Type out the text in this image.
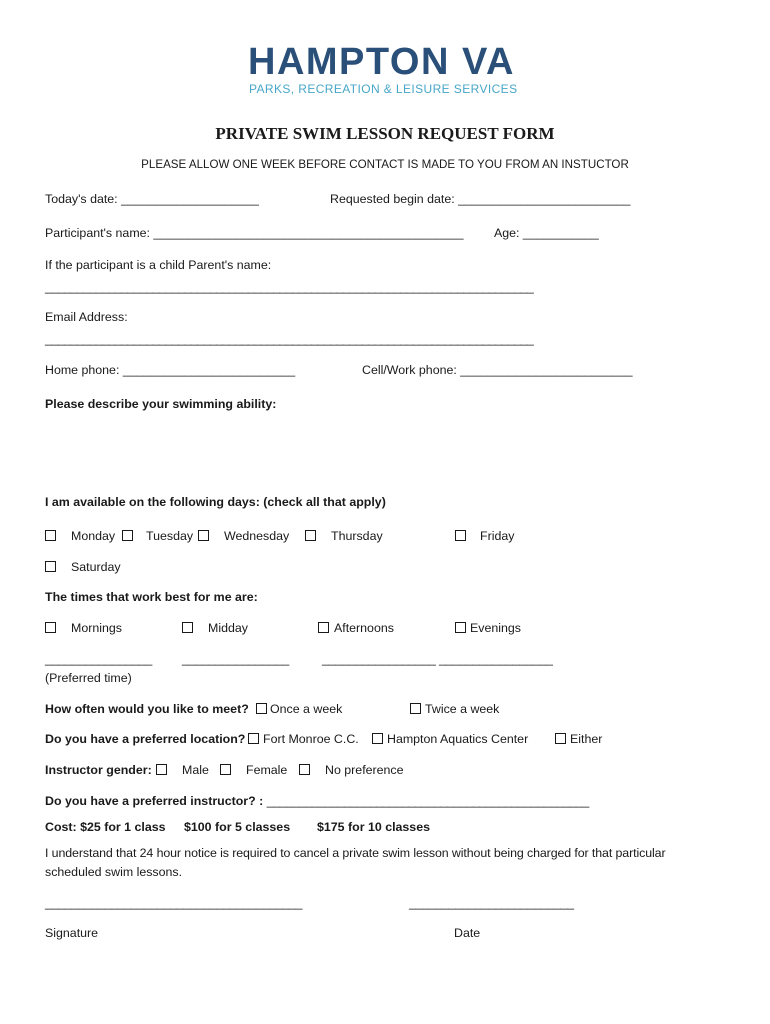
HAMPTON VA
PARKS, RECREATION & LEISURE SERVICES
PRIVATE SWIM LESSON REQUEST FORM
PLEASE ALLOW ONE WEEK BEFORE CONTACT IS MADE TO YOU FROM AN INSTUCTOR
Today's date: ____________________	Requested begin date: _________________________
Participant's name: _____________________________________________ Age: ___________
If the participant is a child Parent's name:
_____________________________________________________________________________
Email Address:
_____________________________________________________________________________
Home phone: _________________________	Cell/Work phone: _________________________
Please describe your swimming ability:
I am available on the following days: (check all that apply)
Monday Tuesday Wednesday	Thursday	Friday
Saturday
The times that work best for me are:
Mornings	Midday	Afternoons	Evenings
________________ ________________	_________________ _________________
(Preferred time)
How often would you like to meet? Once a week	Twice a week
Do you have a preferred location? Fort Monroe C.C. Hampton Aquatics Center	Either
Instructor gender: Male	Female	No preference
Do you have a preferred instructor? : __________________________________________________
Cost: $25 for 1 class $100 for 5 classes $175 for 10 classes
I understand that 24 hour notice is required to cancel a private swim lesson without being charged for that particular
scheduled swim lessons.
_______________________________________	_________________________
Signature	Date
